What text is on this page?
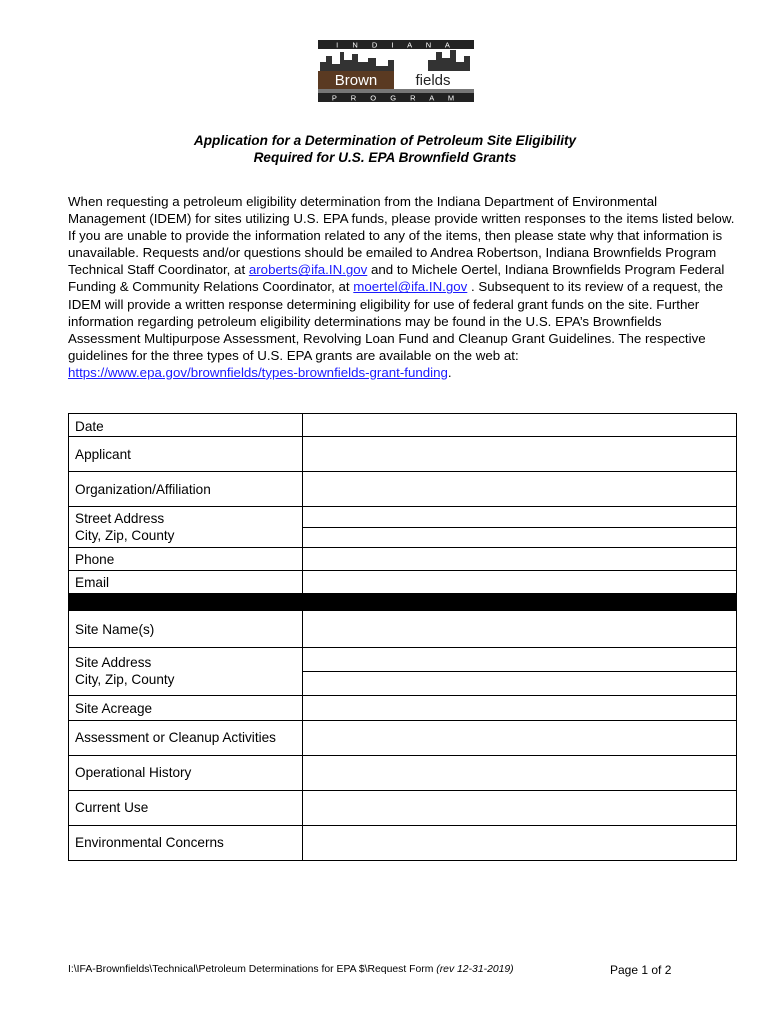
I N D I A N A
Brown	fields
P R O G R A M
Application for a Determination of Petroleum Site Eligibility
Required for U.S. EPA Brownfield Grants
When requesting a petroleum eligibility determination from the Indiana Department of Environmental Management (IDEM) for sites utilizing U.S. EPA funds, please provide written responses to the items listed below. If you are unable to provide the information related to any of the items, then please state why that information is unavailable. Requests and/or questions should be emailed to Andrea Robertson, Indiana Brownfields Program Technical Staff Coordinator, at aroberts@ifa.IN.gov and to Michele Oertel, Indiana Brownfields Program Federal Funding & Community Relations Coordinator, at moertel@ifa.IN.gov . Subsequent to its review of a request, the IDEM will provide a written response determining eligibility for use of federal grant funds on the site. Further information regarding petroleum eligibility determinations may be found in the U.S. EPA’s Brownfields Assessment Multipurpose Assessment, Revolving Loan Fund and Cleanup Grant Guidelines. The respective guidelines for the three types of U.S. EPA grants are available on the web at:
https://www.epa.gov/brownfields/types-brownfields-grant-funding.
Date	

Applicant	

Organization/Affiliation	

Street Address
City, Zip, County	

Phone	

Email	

Site Name(s)	

Site Address
City, Zip, County	

Site Acreage	

Assessment or Cleanup Activities	

Operational History	

Current Use	

Environmental Concerns	

I:\IFA-Brownfields\Technical\Petroleum Determinations for EPA $\Request Form (rev 12-31-2019)	Page 1 of 2
